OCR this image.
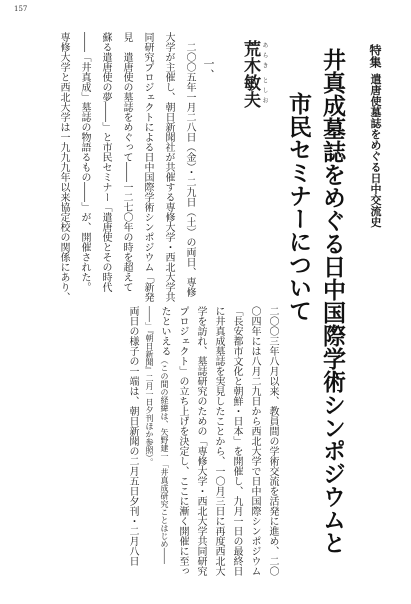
157
特集 遣唐使墓誌をめぐる日中交流史
井真成墓誌をめぐる日中国際学術シンポジウムと
市民セミナーについて
あらき
としお
荒木敏夫
一、
二〇〇五年一月二八日（金）・二九日（土）の両日、専修
大学が主催し、朝日新聞社が共催する専修大学・西北大学共
同研究プロジェクトによる日中国際学術シンポジウム「新発
見　遣唐使の墓誌をめぐって――一二七〇年の時を超えて
蘇る遣唐使の夢――」と市民セミナー「遣唐使とその時代
――「井真成」墓誌の物語るもの――」が、開催された。
専修大学と西北大学は一九九九年以来協定校の関係にあり、
二〇〇三年八月以来、教員間の学術交流を活発に進め、二〇
〇四年には八月二九日から西北大学で日中国際シンポジウム
「長安都市文化と朝鮮・日本」を開催し、九月一日の最終日
に井真成墓誌を実見したことから、一〇月三日に再度西北大
学を訪れ、墓誌研究のための「専修大学・西北大学共同研究
プロジェクト」の立ち上げを決定し、ここに漸く開催に至っ
たといえる（この間の経緯は、矢野建一「井真成研究ことはじめ――
――」『朝日新聞』二月一日夕刊ほか参照）。
両日の様子の一端は、朝日新聞の二月五日夕刊・二月八日
